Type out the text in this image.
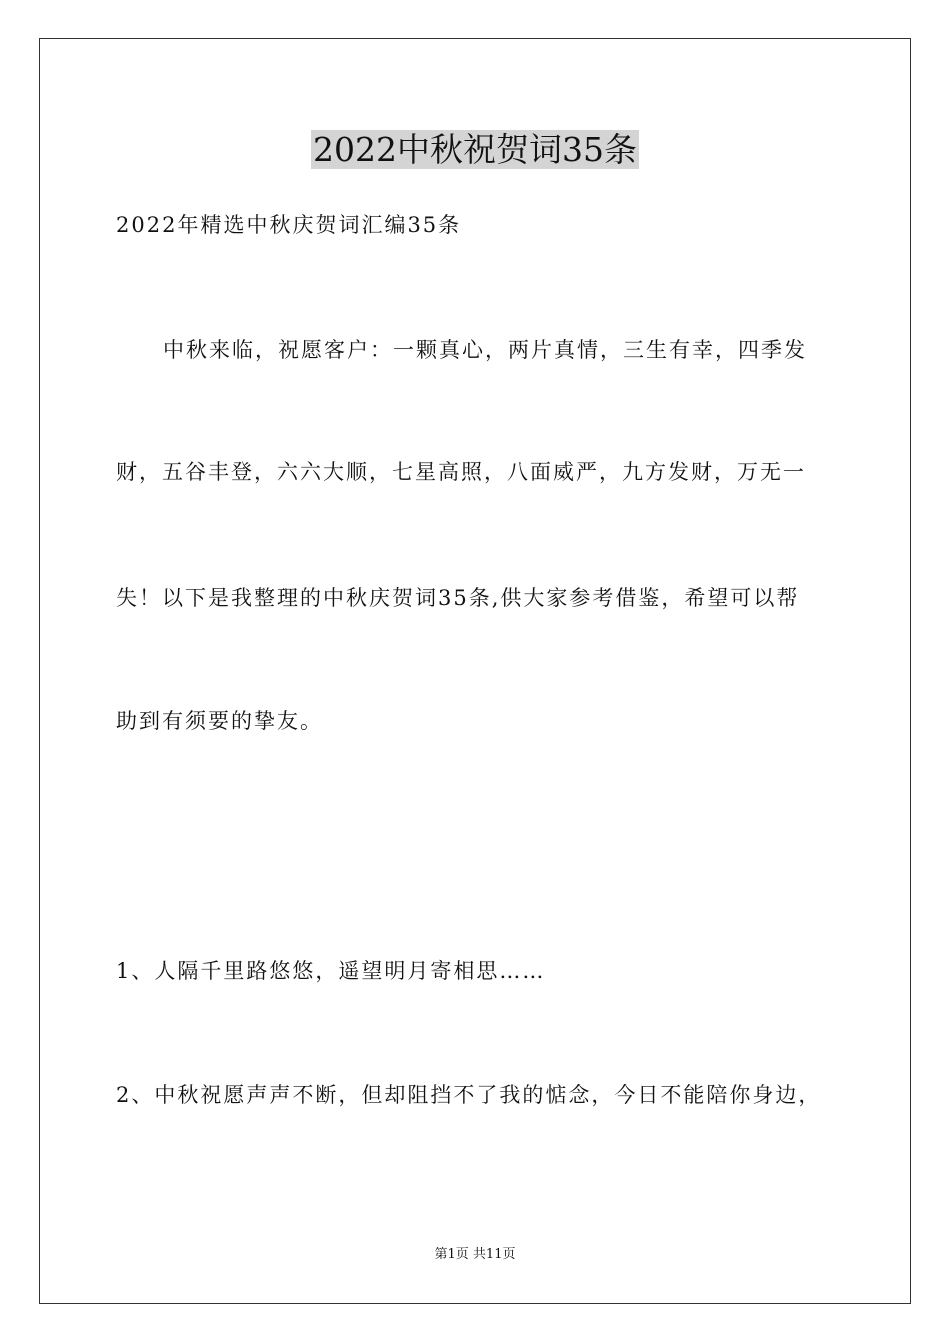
2022中秋祝贺词35条
2022年精选中秋庆贺词汇编35条
中秋来临，祝愿客户：一颗真心，两片真情，三生有幸，四季发
财，五谷丰登，六六大顺，七星高照，八面威严，九方发财，万无一
失！以下是我整理的中秋庆贺词35条,供大家参考借鉴，希望可以帮
助到有须要的挚友。
1、人隔千里路悠悠，遥望明月寄相思……
2、中秋祝愿声声不断，但却阻挡不了我的惦念，今日不能陪你身边，
第1页 共11页
